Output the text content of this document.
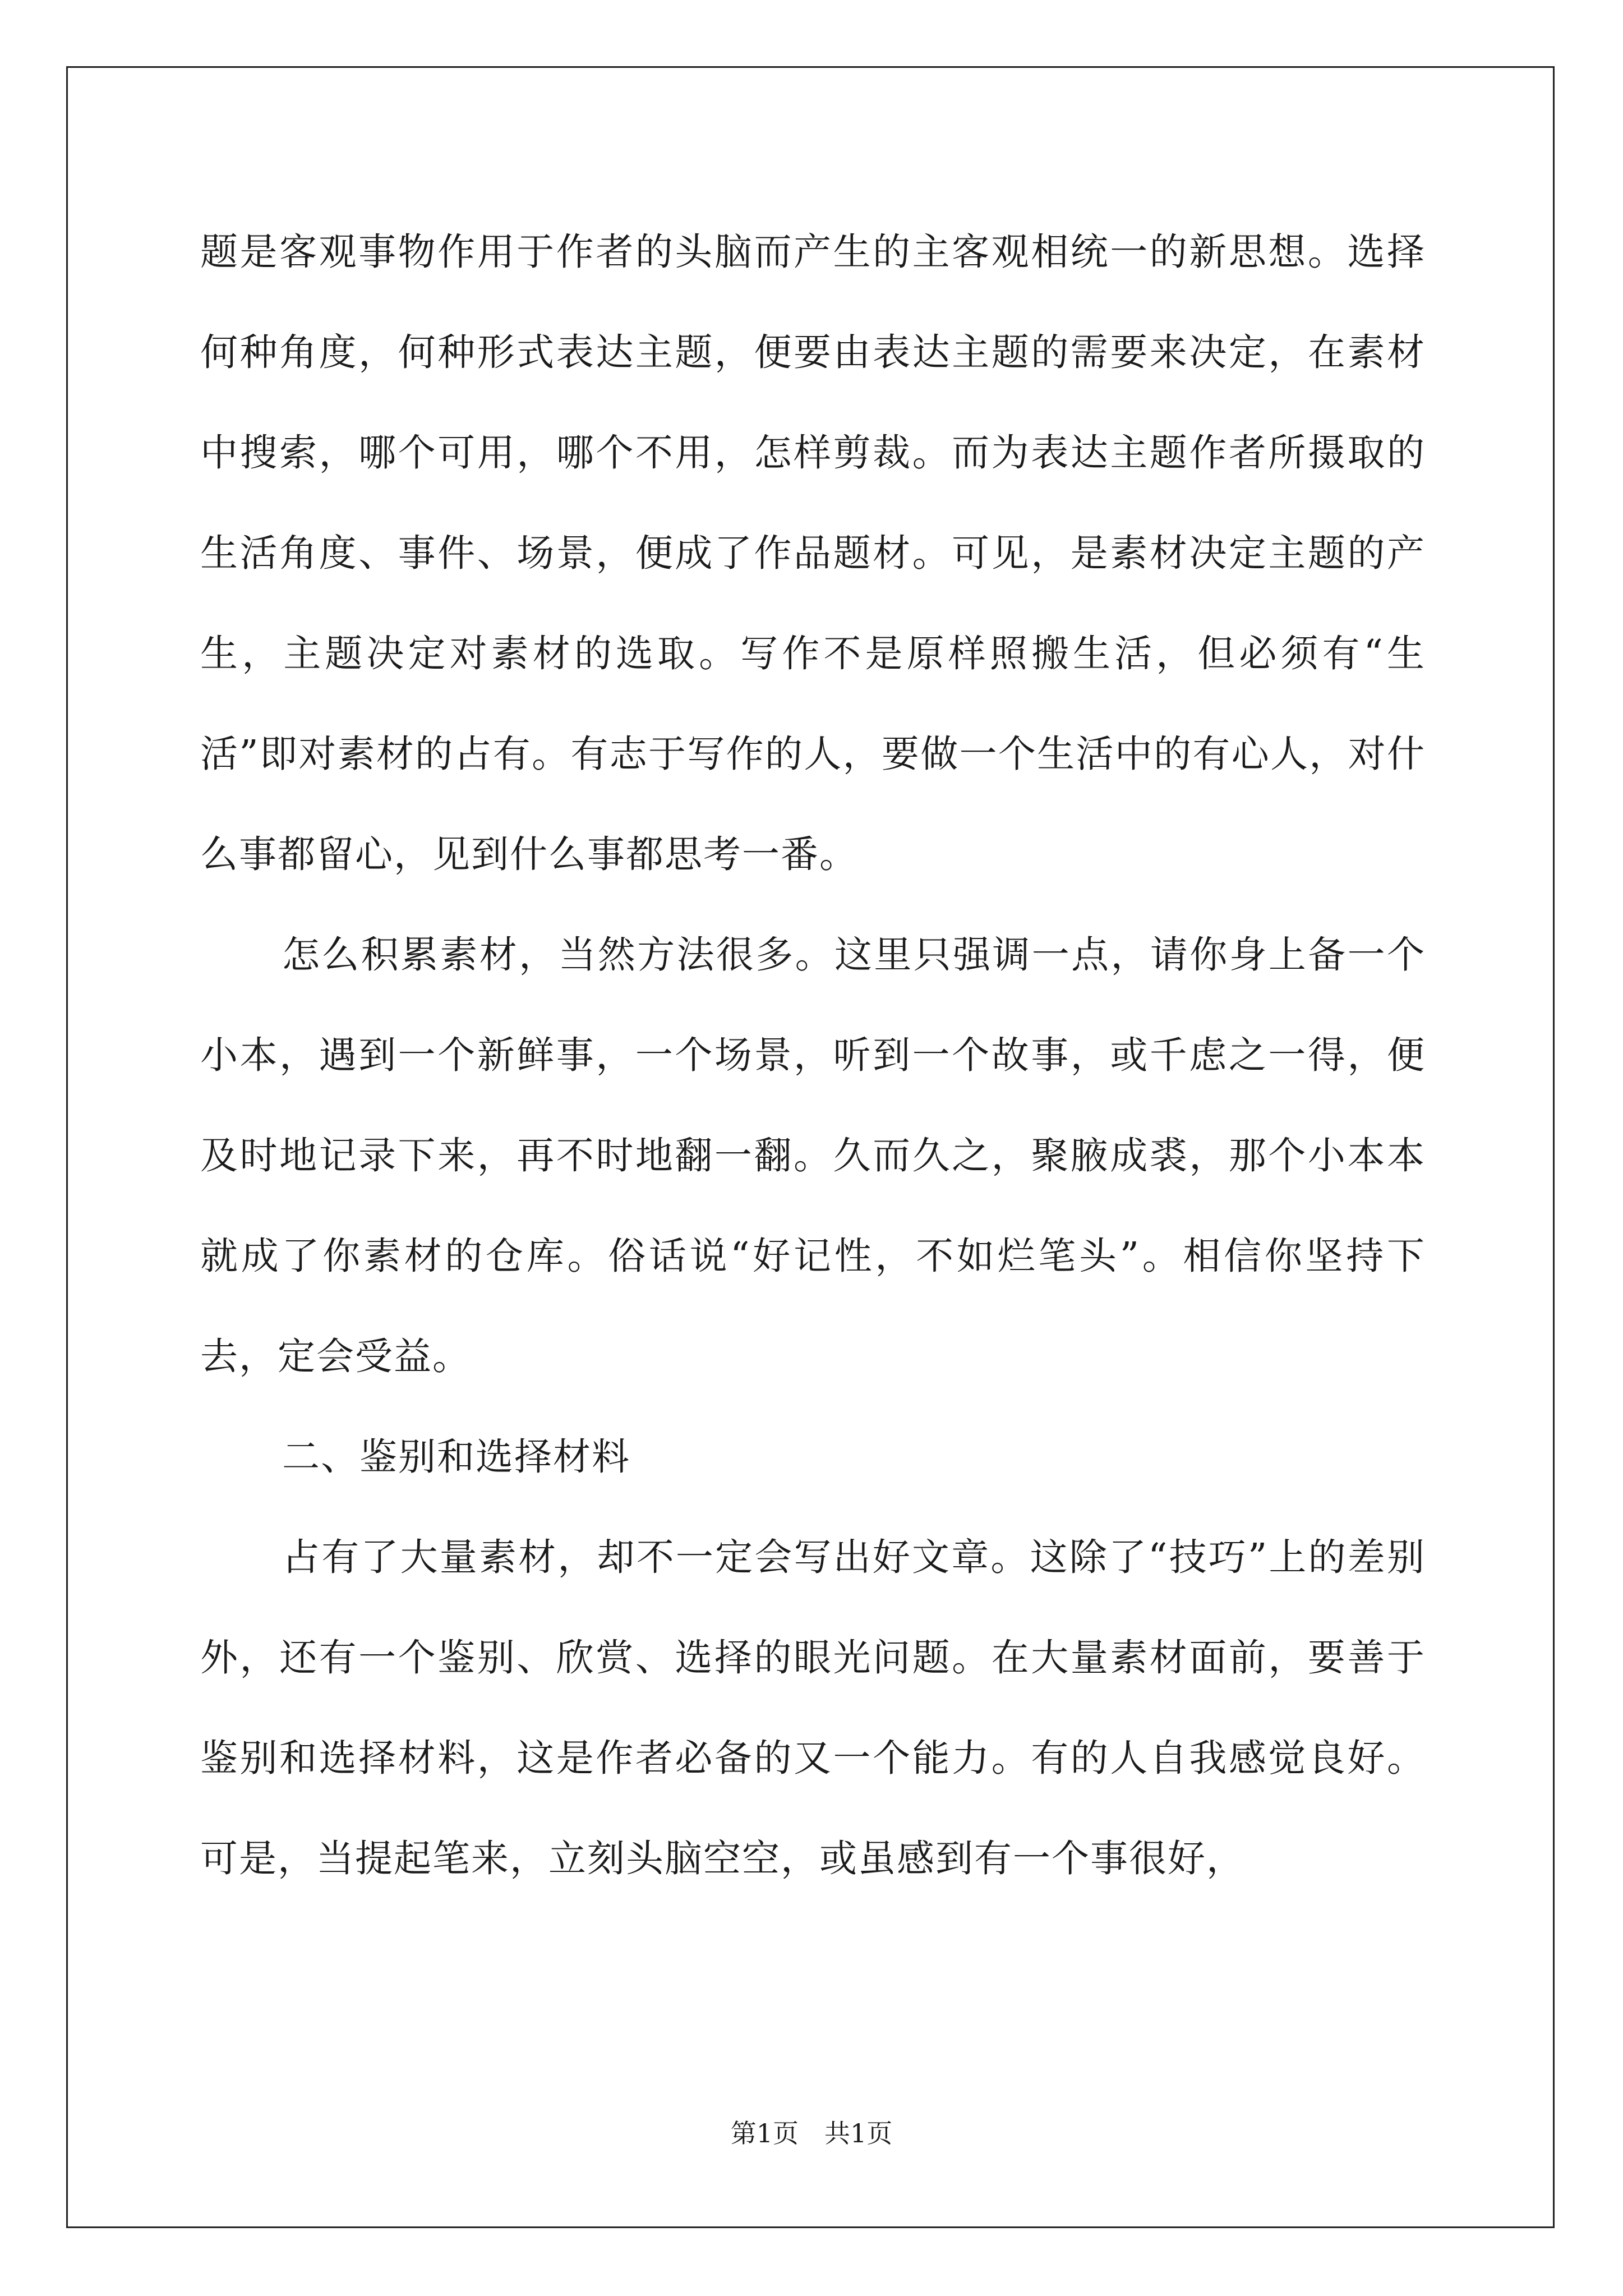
题是客观事物作用于作者的头脑而产生的主客观相统一的新思想。选择何种角度，何种形式表达主题，便要由表达主题的需要来决定，在素材中搜索，哪个可用，哪个不用，怎样剪裁。而为表达主题作者所摄取的生活角度、事件、场景，便成了作品题材。可见，是素材决定主题的产生，主题决定对素材的选取。写作不是原样照搬生活，但必须有“生活”即对素材的占有。有志于写作的人，要做一个生活中的有心人，对什么事都留心，见到什么事都思考一番。

怎么积累素材，当然方法很多。这里只强调一点，请你身上备一个小本，遇到一个新鲜事，一个场景，听到一个故事，或千虑之一得，便及时地记录下来，再不时地翻一翻。久而久之，聚腋成裘，那个小本本就成了你素材的仓库。俗话说“好记性，不如烂笔头”。相信你坚持下去，定会受益。

二、鉴别和选择材料

占有了大量素材，却不一定会写出好文章。这除了“技巧”上的差别外，还有一个鉴别、欣赏、选择的眼光问题。在大量素材面前，要善于鉴别和选择材料，这是作者必备的又一个能力。有的人自我感觉良好。可是，当提起笔来，立刻头脑空空，或虽感到有一个事很好，

第1页　共1页
